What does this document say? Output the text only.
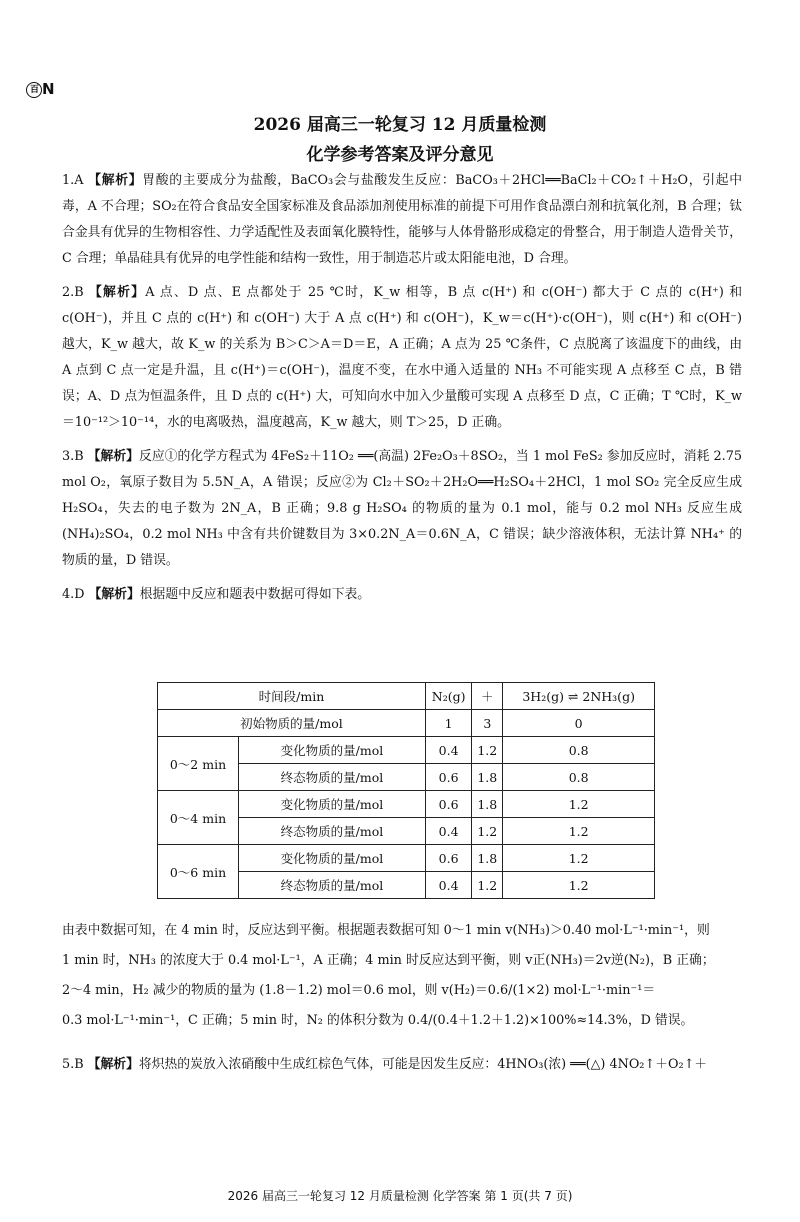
百 N
2026 届高三一轮复习 12 月质量检测
化学参考答案及评分意见

1.A 【解析】胃酸的主要成分为盐酸，BaCO₃会与盐酸发生反应：BaCO₃＋2HCl══BaCl₂＋CO₂↑＋H₂O，引起中毒，A 不合理；SO₂在符合食品安全国家标准及食品添加剂使用标准的前提下可用作食品漂白剂和抗氧化剂，B 合理；钛合金具有优异的生物相容性、力学适配性及表面氧化膜特性，能够与人体骨骼形成稳定的骨整合，用于制造人造骨关节，C 合理；单晶硅具有优异的电学性能和结构一致性，用于制造芯片或太阳能电池，D 合理。

2.B 【解析】A 点、D 点、E 点都处于 25 ℃时，K_w 相等，B 点 c(H⁺) 和 c(OH⁻) 都大于 C 点的 c(H⁺) 和 c(OH⁻)，并且 C 点的 c(H⁺) 和 c(OH⁻) 大于 A 点 c(H⁺) 和 c(OH⁻)，K_w＝c(H⁺)·c(OH⁻)，则 c(H⁺) 和 c(OH⁻) 越大，K_w 越大，故 K_w 的关系为 B＞C＞A＝D＝E，A 正确；A 点为 25 ℃条件，C 点脱离了该温度下的曲线，由 A 点到 C 点一定是升温，且 c(H⁺)＝c(OH⁻)，温度不变，在水中通入适量的 NH₃ 不可能实现 A 点移至 C 点，B 错误；A、D 点为恒温条件，且 D 点的 c(H⁺) 大，可知向水中加入少量酸可实现 A 点移至 D 点，C 正确；T ℃时，K_w＝10⁻¹²＞10⁻¹⁴，水的电离吸热，温度越高，K_w 越大，则 T＞25，D 正确。

3.B 【解析】反应①的化学方程式为 4FeS₂＋11O₂ ══(高温) 2Fe₂O₃＋8SO₂，当 1 mol FeS₂ 参加反应时，消耗 2.75 mol O₂，氧原子数目为 5.5N_A，A 错误；反应②为 Cl₂＋SO₂＋2H₂O══H₂SO₄＋2HCl，1 mol SO₂ 完全反应生成 H₂SO₄，失去的电子数为 2N_A，B 正确；9.8 g H₂SO₄ 的物质的量为 0.1 mol，能与 0.2 mol NH₃ 反应生成 (NH₄)₂SO₄，0.2 mol NH₃ 中含有共价键数目为 3×0.2N_A＝0.6N_A，C 错误；缺少溶液体积，无法计算 NH₄⁺ 的物质的量，D 错误。

4.D 【解析】根据题中反应和题表中数据可得如下表。

时间段/min		N₂(g)	＋	3H₂(g) ⇌ 2NH₃(g)
初始物质的量/mol		1	3	0
0～2 min	变化物质的量/mol	0.4	1.2	0.8
	终态物质的量/mol	0.6	1.8	0.8
0～4 min	变化物质的量/mol	0.6	1.8	1.2
	终态物质的量/mol	0.4	1.2	1.2
0～6 min	变化物质的量/mol	0.6	1.8	1.2
	终态物质的量/mol	0.4	1.2	1.2
由表中数据可知，在 4 min 时，反应达到平衡。根据题表数据可知 0～1 min v(NH₃)＞0.40 mol·L⁻¹·min⁻¹，则
1 min 时，NH₃ 的浓度大于 0.4 mol·L⁻¹，A 正确；4 min 时反应达到平衡，则 v正(NH₃)＝2v逆(N₂)，B 正确；
2～4 min，H₂ 减少的物质的量为 (1.8－1.2) mol＝0.6 mol，则 v(H₂)＝0.6/(1×2) mol·L⁻¹·min⁻¹＝
0.3 mol·L⁻¹·min⁻¹，C 正确；5 min 时，N₂ 的体积分数为 0.4/(0.4＋1.2＋1.2)×100%≈14.3%，D 错误。
5.B 【解析】将炽热的炭放入浓硝酸中生成红棕色气体，可能是因发生反应：4HNO₃(浓) ══(△) 4NO₂↑＋O₂↑＋
2026 届高三一轮复习 12 月质量检测 化学答案 第 1 页(共 7 页)
